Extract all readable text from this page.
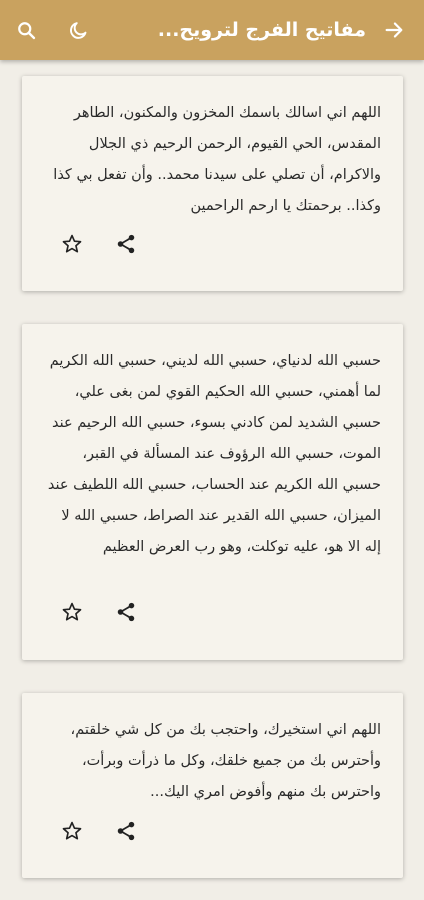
مفاتيح الفرج لترويح...
اللهم اني اسالك باسمك المخزون والمكنون، الطاهر المقدس، الحي القيوم، الرحمن الرحيم ذي الجلال والاكرام، أن تصلي على سيدنا محمد.. وأن تفعل بي كذا وكذا.. برحمتك يا ارحم الراحمين
حسبي الله لدنياي، حسبي الله لديني، حسبي الله الكريم لما أهمني، حسبي الله الحكيم القوي لمن بغى علي، حسبي الشديد لمن كادني بسوء، حسبي الله الرحيم عند الموت، حسبي الله الرؤوف عند المسألة في القبر، حسبي الله الكريم عند الحساب، حسبي الله اللطيف عند الميزان، حسبي الله القدير عند الصراط، حسبي الله لا إله الا هو، عليه توكلت، وهو رب العرض العظيم
اللهم اني استخيرك، واحتجب بك من كل شي خلقتم، وأحترس بك من جميع خلقك، وكل ما ذرأت وبرأت، واحترس بك منهم وأفوض امري اليك...
